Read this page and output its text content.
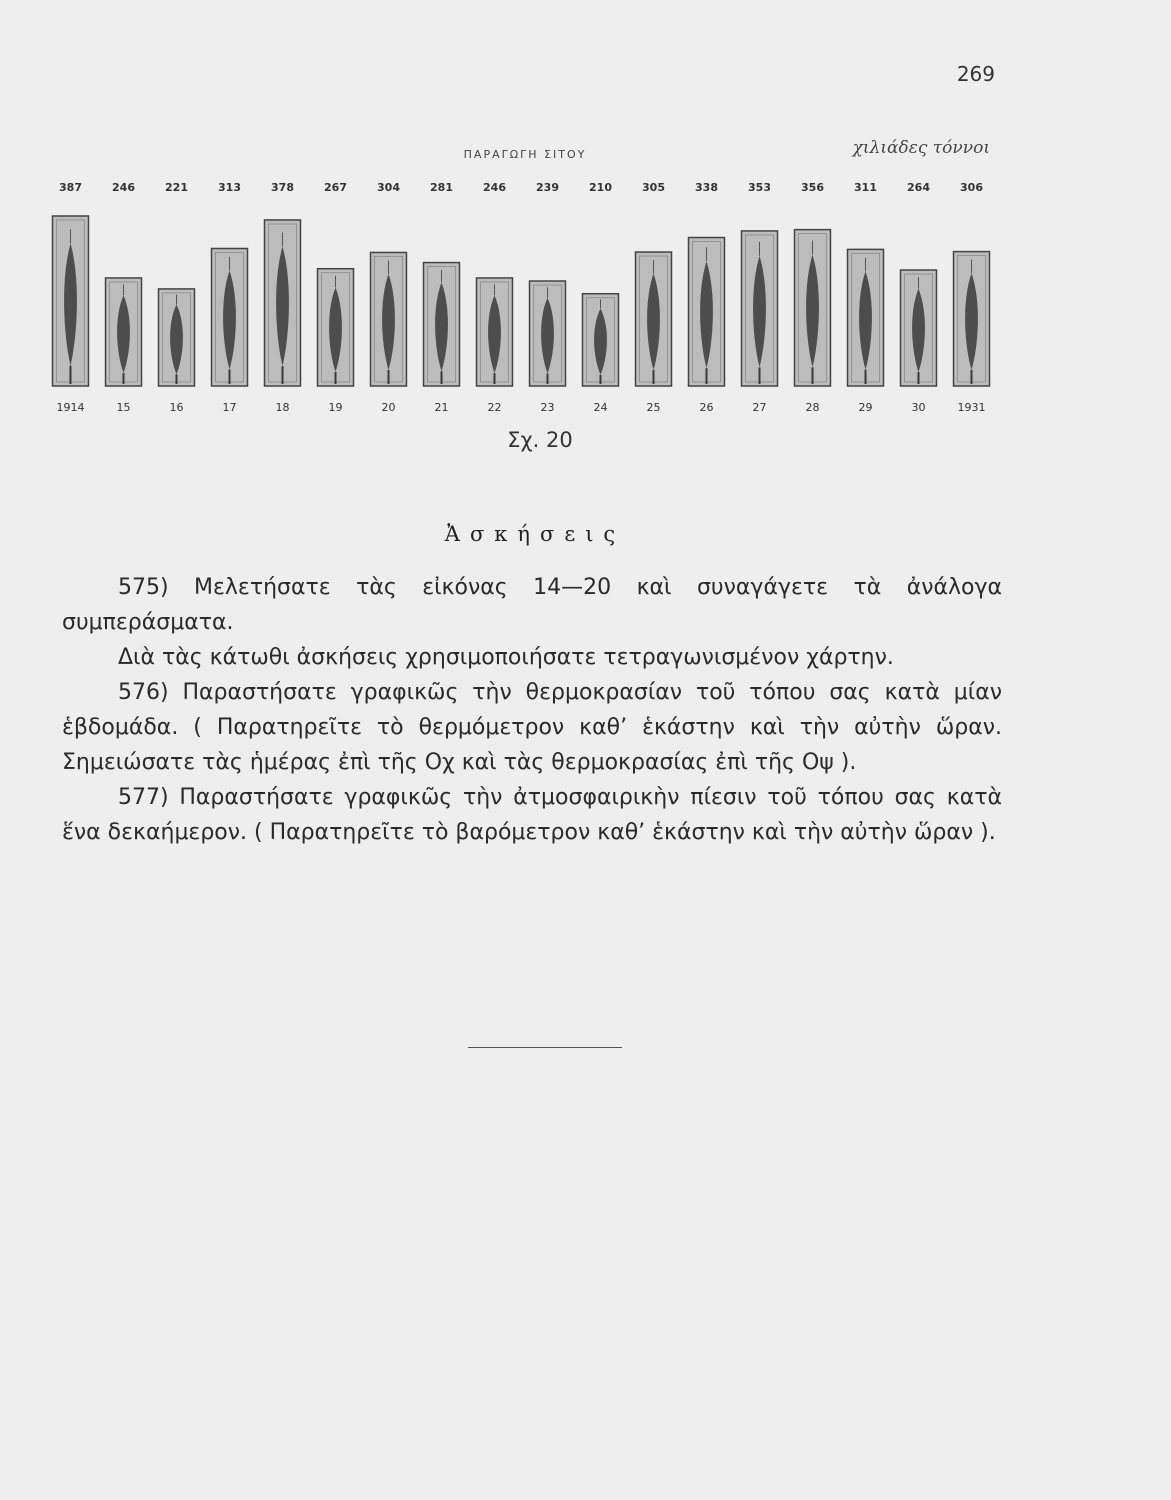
269
ΠΑΡΑΓΩΓΗ ΣΙΤΟΥ	χιλιάδες τόννοι
387
1914
246
15
221
16
313
17
378
18
267
19
304
20
281
21
246
22
239
23
210
24
305
25
338
26
353
27
356
28
311
29
264
30
306
1931
Σχ. 20
Ἀσκήσεις

575) Μελετήσατε τὰς εἰκόνας 14—20 καὶ συναγάγετε τὰ ἀνάλογα συμπεράσματα.

Διὰ τὰς κάτωθι ἀσκήσεις χρησιμοποιήσατε τετραγωνισμένον χάρτην.

576) Παραστήσατε γραφικῶς τὴν θερμοκρασίαν τοῦ τόπου σας κατὰ μίαν ἑβδομάδα. ( Παρατηρεῖτε τὸ θερμόμετρον καθ’ ἑκάστην καὶ τὴν αὐτὴν ὥραν. Σημειώσατε τὰς ἡμέρας ἐπὶ τῆς Οχ καὶ τὰς θερμοκρασίας ἐπὶ τῆς Οψ ).

577) Παραστήσατε γραφικῶς τὴν ἀτμοσφαιρικὴν πίεσιν τοῦ τόπου σας κατὰ ἕνα δεκαήμερον. ( Παρατηρεῖτε τὸ βαρόμετρον καθ’ ἑκάστην καὶ τὴν αὐτὴν ὥραν ).
